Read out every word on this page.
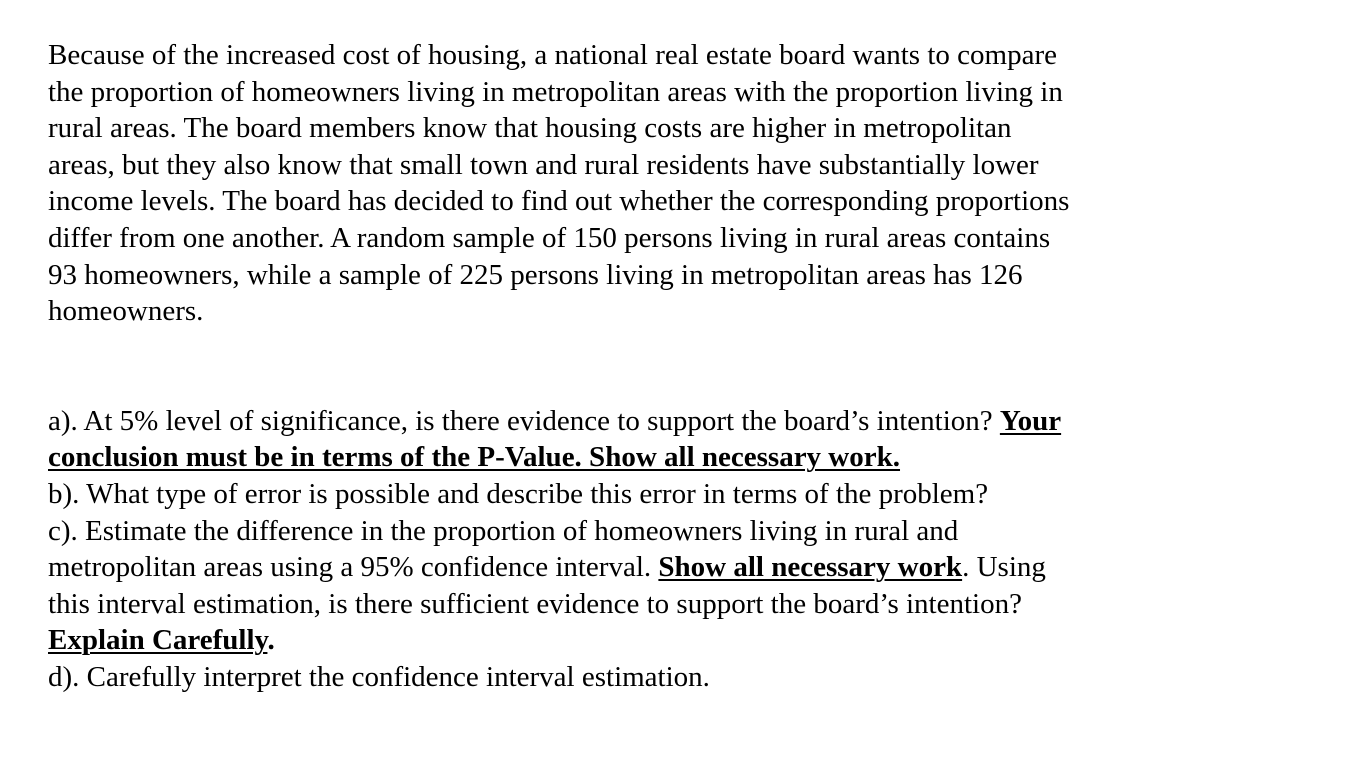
Because of the increased cost of housing, a national real estate board wants to compare
the proportion of homeowners living in metropolitan areas with the proportion living in
rural areas. The board members know that housing costs are higher in metropolitan
areas, but they also know that small town and rural residents have substantially lower
income levels. The board has decided to find out whether the corresponding proportions
differ from one another. A random sample of 150 persons living in rural areas contains
93 homeowners, while a sample of 225 persons living in metropolitan areas has 126
homeowners.
a). At 5% level of significance, is there evidence to support the board’s intention? Your
conclusion must be in terms of the P-Value. Show all necessary work.
b). What type of error is possible and describe this error in terms of the problem?
c). Estimate the difference in the proportion of homeowners living in rural and
metropolitan areas using a 95% confidence interval. Show all necessary work. Using
this interval estimation, is there sufficient evidence to support the board’s intention?
Explain Carefully.
d). Carefully interpret the confidence interval estimation.
